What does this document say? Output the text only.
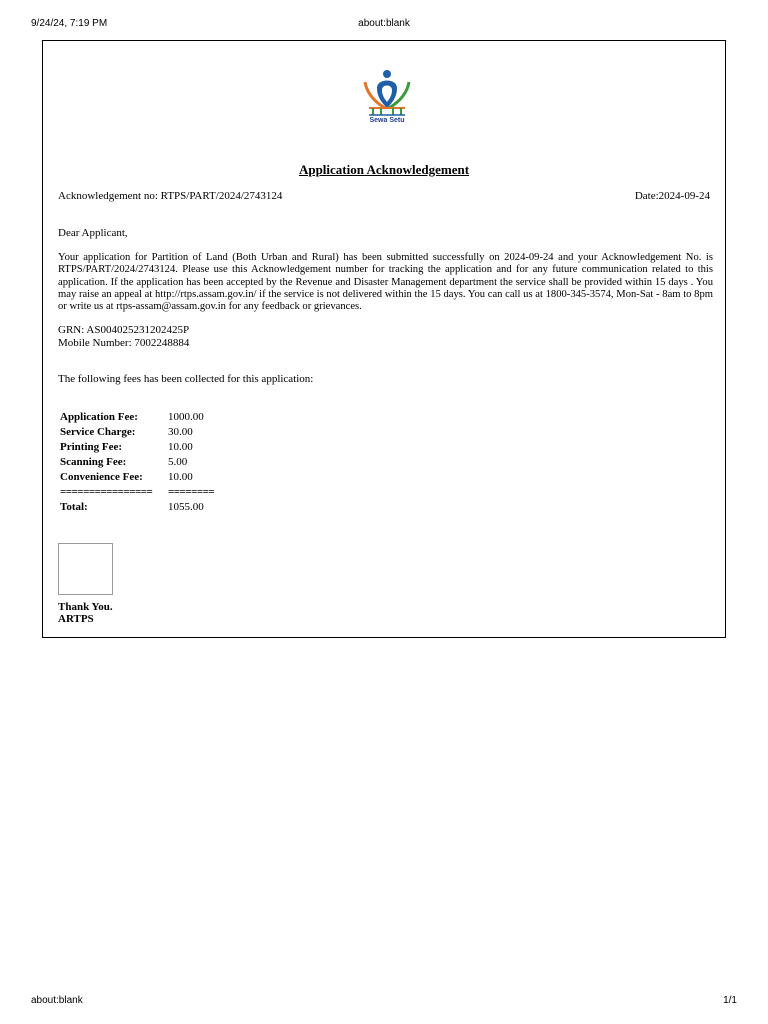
9/24/24, 7:19 PM	about:blank
Sewa Setu
Application Acknowledgement
Acknowledgement no: RTPS/PART/2024/2743124	Date:2024-09-24
Dear Applicant,
Your application for Partition of Land (Both Urban and Rural) has been submitted successfully on 2024-09-24 and your Acknowledgement No. is RTPS/PART/2024/2743124. Please use this Acknowledgement number for tracking the application and for any future communication related to this application. If the application has been accepted by the Revenue and Disaster Management department the service shall be provided within 15 days . You may raise an appeal at http://rtps.assam.gov.in/ if the service is not delivered within the 15 days. You can call us at 1800-345-3574, Mon-Sat - 8am to 8pm or write us at rtps-assam@assam.gov.in for any feedback or grievances.
GRN: AS004025231202425P
Mobile Number: 7002248884
The following fees has been collected for this application:
Application Fee:	1000.00
Service Charge:	30.00
Printing Fee:	10.00
Scanning Fee:	5.00
Convenience Fee:	10.00
================	========
Total:	1055.00
Thank You.
ARTPS
about:blank	1/1
